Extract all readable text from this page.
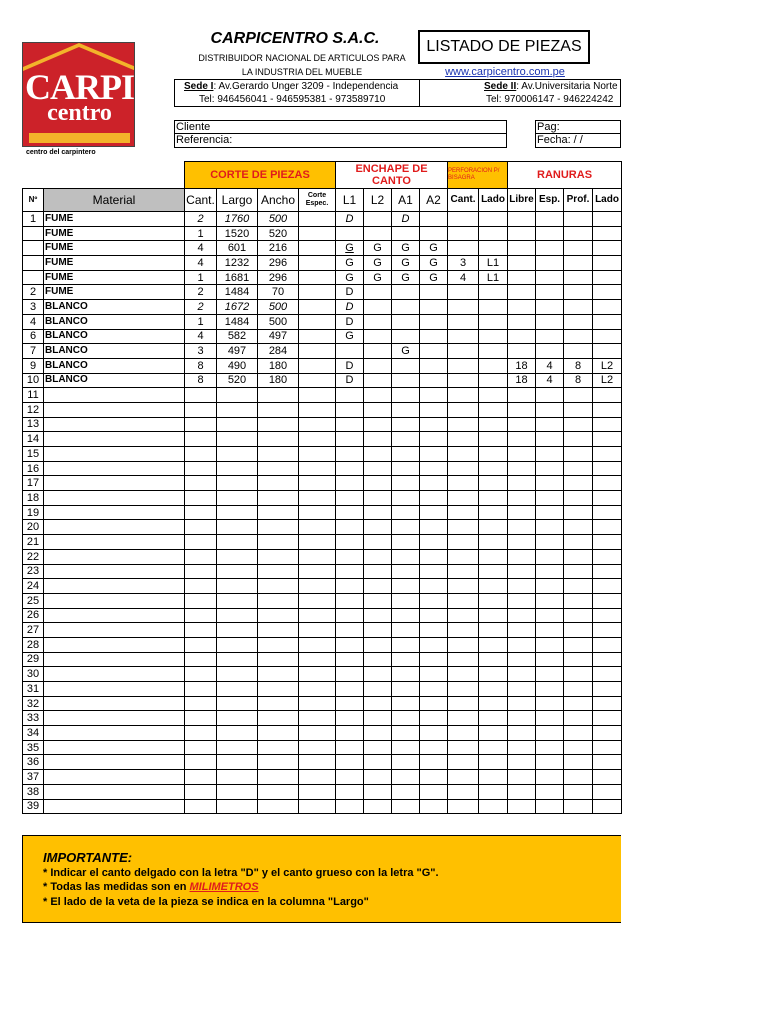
CARPI
centro
centro del carpintero
CARPICENTRO S.A.C.
DISTRIBUIDOR NACIONAL DE ARTICULOS PARA
LA INDUSTRIA DEL MUEBLE
LISTADO DE PIEZAS
www.carpicentro.com.pe
Sede I: Av.Gerardo Unger 3209 - Independencia
Tel: 946456041 - 946595381 - 973589710
Sede II: Av.Universitaria Norte
Tel: 970006147 - 946224242
Cliente
Referencia:
Pag:
Fecha: / /
		CORTE DE PIEZAS				ENCHAPE DE CANTO				PERFORACION P/ BISAGRA		RANURAS			
Nº	Material	Cant.	Largo	Ancho	Corte Espec.	L1	L2	A1	A2	Cant.	Lado	Libre	Esp.	Prof.	Lado
1	FUME	2	1760	500		D		D							
	FUME	1	1520	520											
	FUME	4	601	216		G	G	G	G						
	FUME	4	1232	296		G	G	G	G	3	L1				
	FUME	1	1681	296		G	G	G	G	4	L1				
2	FUME	2	1484	70		D									
3	BLANCO	2	1672	500		D									
4	BLANCO	1	1484	500		D									
6	BLANCO	4	582	497		G									
7	BLANCO	3	497	284				G							
9	BLANCO	8	490	180		D						18	4	8	L2
10	BLANCO	8	520	180		D						18	4	8	L2
11															
12															
13															
14															
15															
16															
17															
18															
19															
20															
21															
22															
23															
24															
25															
26															
27															
28															
29															
30															
31															
32															
33															
34															
35															
36															
37															
38															
39															
IMPORTANTE:
* Indicar el canto delgado con la letra "D" y el canto grueso con la letra "G".
* Todas las medidas son en MILIMETROS
* El lado de la veta de la pieza se indica en la columna "Largo"
